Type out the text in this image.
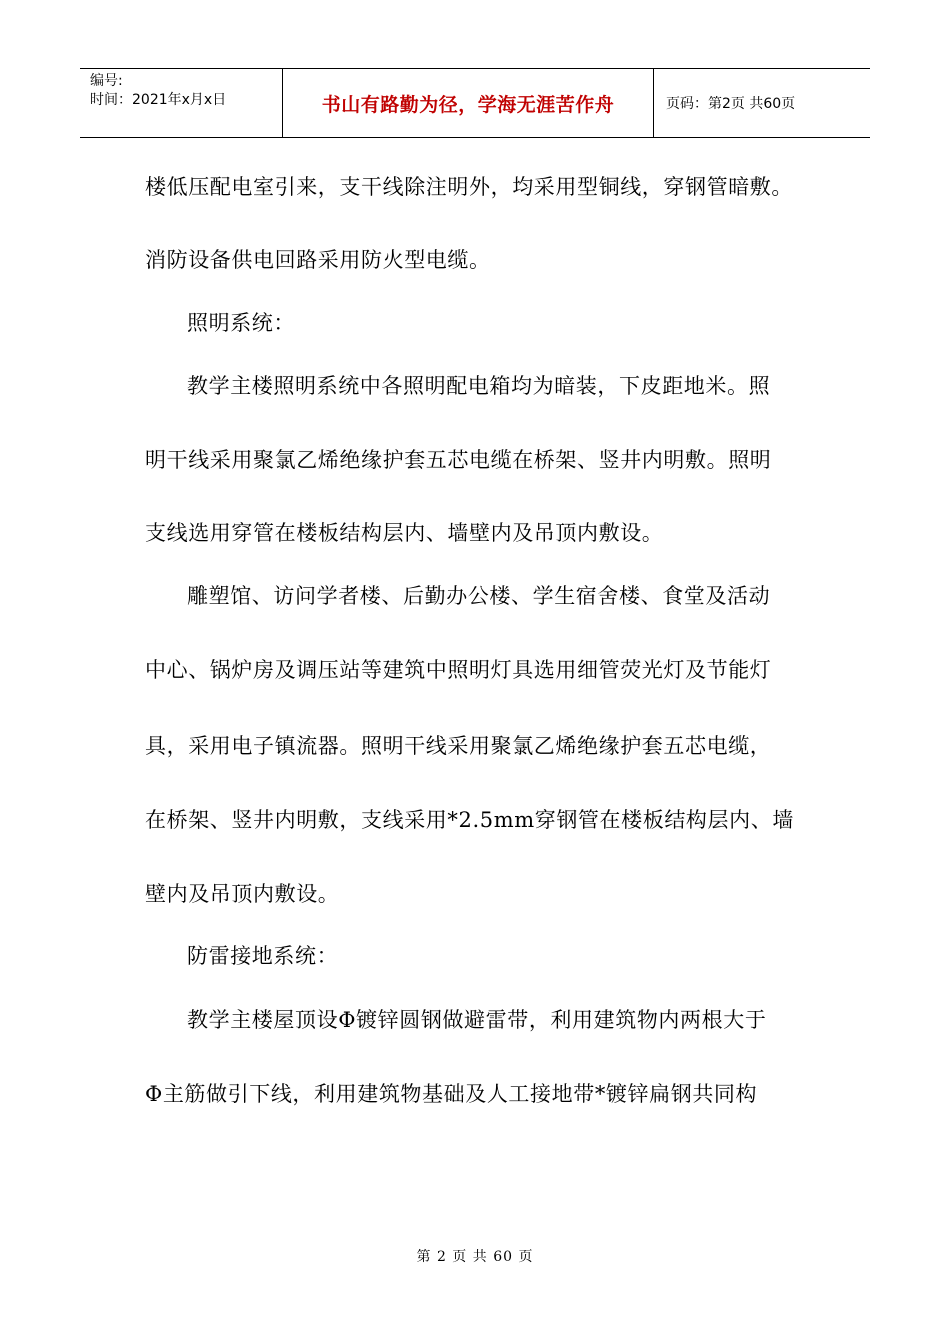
编号:
时间：2021年x月x日	书山有路勤为径，学海无涯苦作舟	页码：第2页 共60页
楼低压配电室引来，支干线除注明外，均采用型铜线，穿钢管暗敷。
消防设备供电回路采用防火型电缆。
照明系统：
教学主楼照明系统中各照明配电箱均为暗装，下皮距地米。照
明干线采用聚氯乙烯绝缘护套五芯电缆在桥架、竖井内明敷。照明
支线选用穿管在楼板结构层内、墙壁内及吊顶内敷设。
雕塑馆、访问学者楼、后勤办公楼、学生宿舍楼、食堂及活动
中心、锅炉房及调压站等建筑中照明灯具选用细管荧光灯及节能灯
具，采用电子镇流器。照明干线采用聚氯乙烯绝缘护套五芯电缆，
在桥架、竖井内明敷，支线采用*2.5mm穿钢管在楼板结构层内、墙
壁内及吊顶内敷设。
防雷接地系统：
教学主楼屋顶设Φ镀锌圆钢做避雷带，利用建筑物内两根大于
Φ主筋做引下线，利用建筑物基础及人工接地带*镀锌扁钢共同构
第 2 页 共 60 页
